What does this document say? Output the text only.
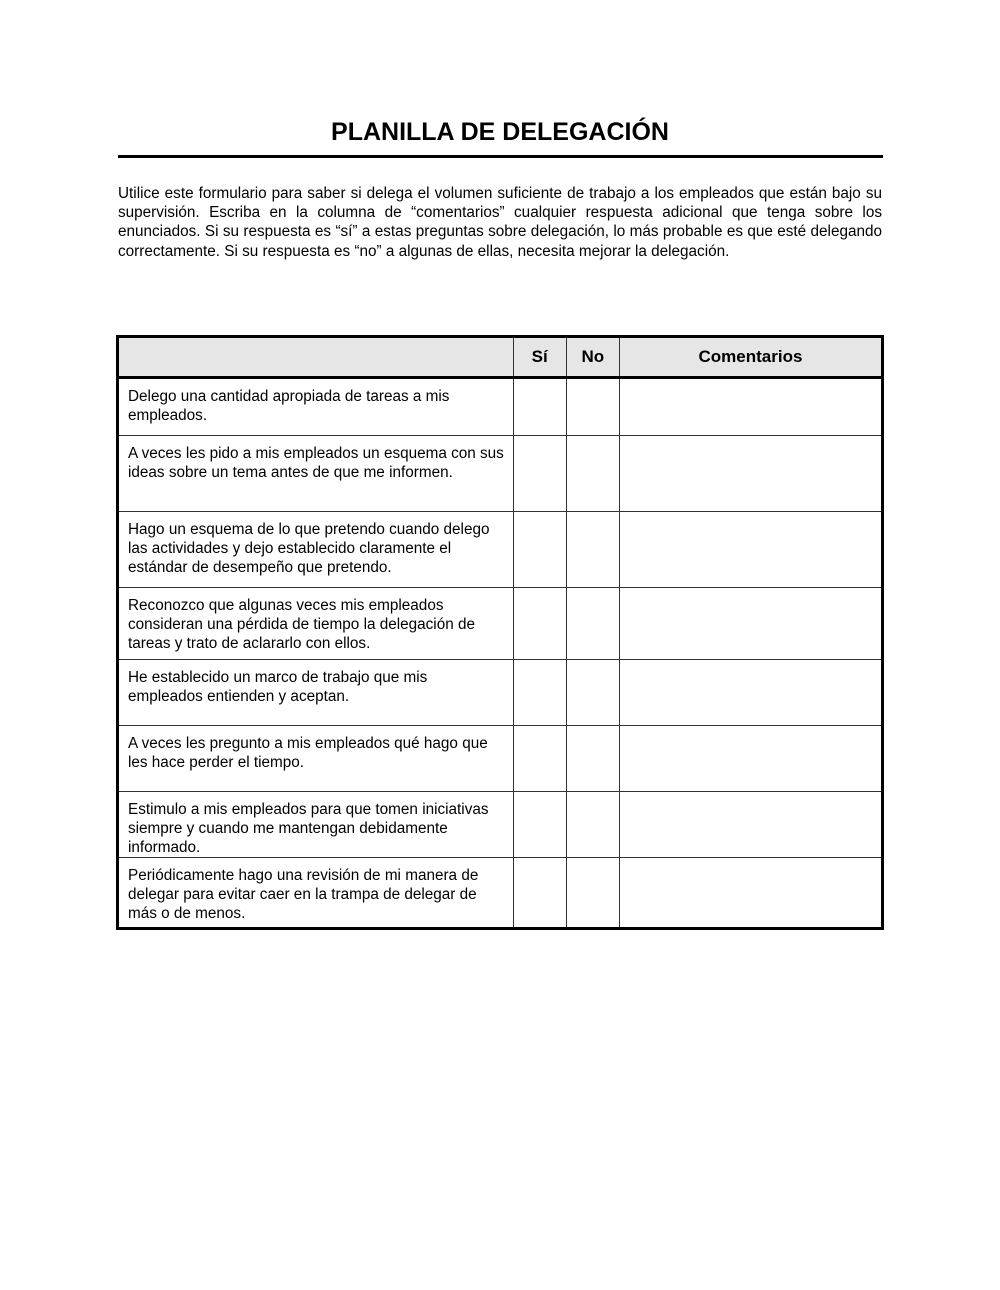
PLANILLA DE DELEGACIÓN

Utilice este formulario para saber si delega el volumen suficiente de trabajo a los empleados que están bajo su supervisión. Escriba en la columna de “comentarios” cualquier respuesta adicional que tenga sobre los enunciados. Si su respuesta es “sí” a estas preguntas sobre delegación, lo más probable es que esté delegando correctamente. Si su respuesta es “no” a algunas de ellas, necesita mejorar la delegación.

	Sí	No	Comentarios
Delego una cantidad apropiada de tareas a mis empleados.			
A veces les pido a mis empleados un esquema con sus ideas sobre un tema antes de que me informen.			
Hago un esquema de lo que pretendo cuando delego las actividades y dejo establecido claramente el estándar de desempeño que pretendo.			
Reconozco que algunas veces mis empleados consideran una pérdida de tiempo la delegación de tareas y trato de aclararlo con ellos.			
He establecido un marco de trabajo que mis empleados entienden y aceptan.			
A veces les pregunto a mis empleados qué hago que les hace perder el tiempo.			
Estimulo a mis empleados para que tomen iniciativas siempre y cuando me mantengan debidamente informado.			
Periódicamente hago una revisión de mi manera de delegar para evitar caer en la trampa de delegar de más o de menos.			
